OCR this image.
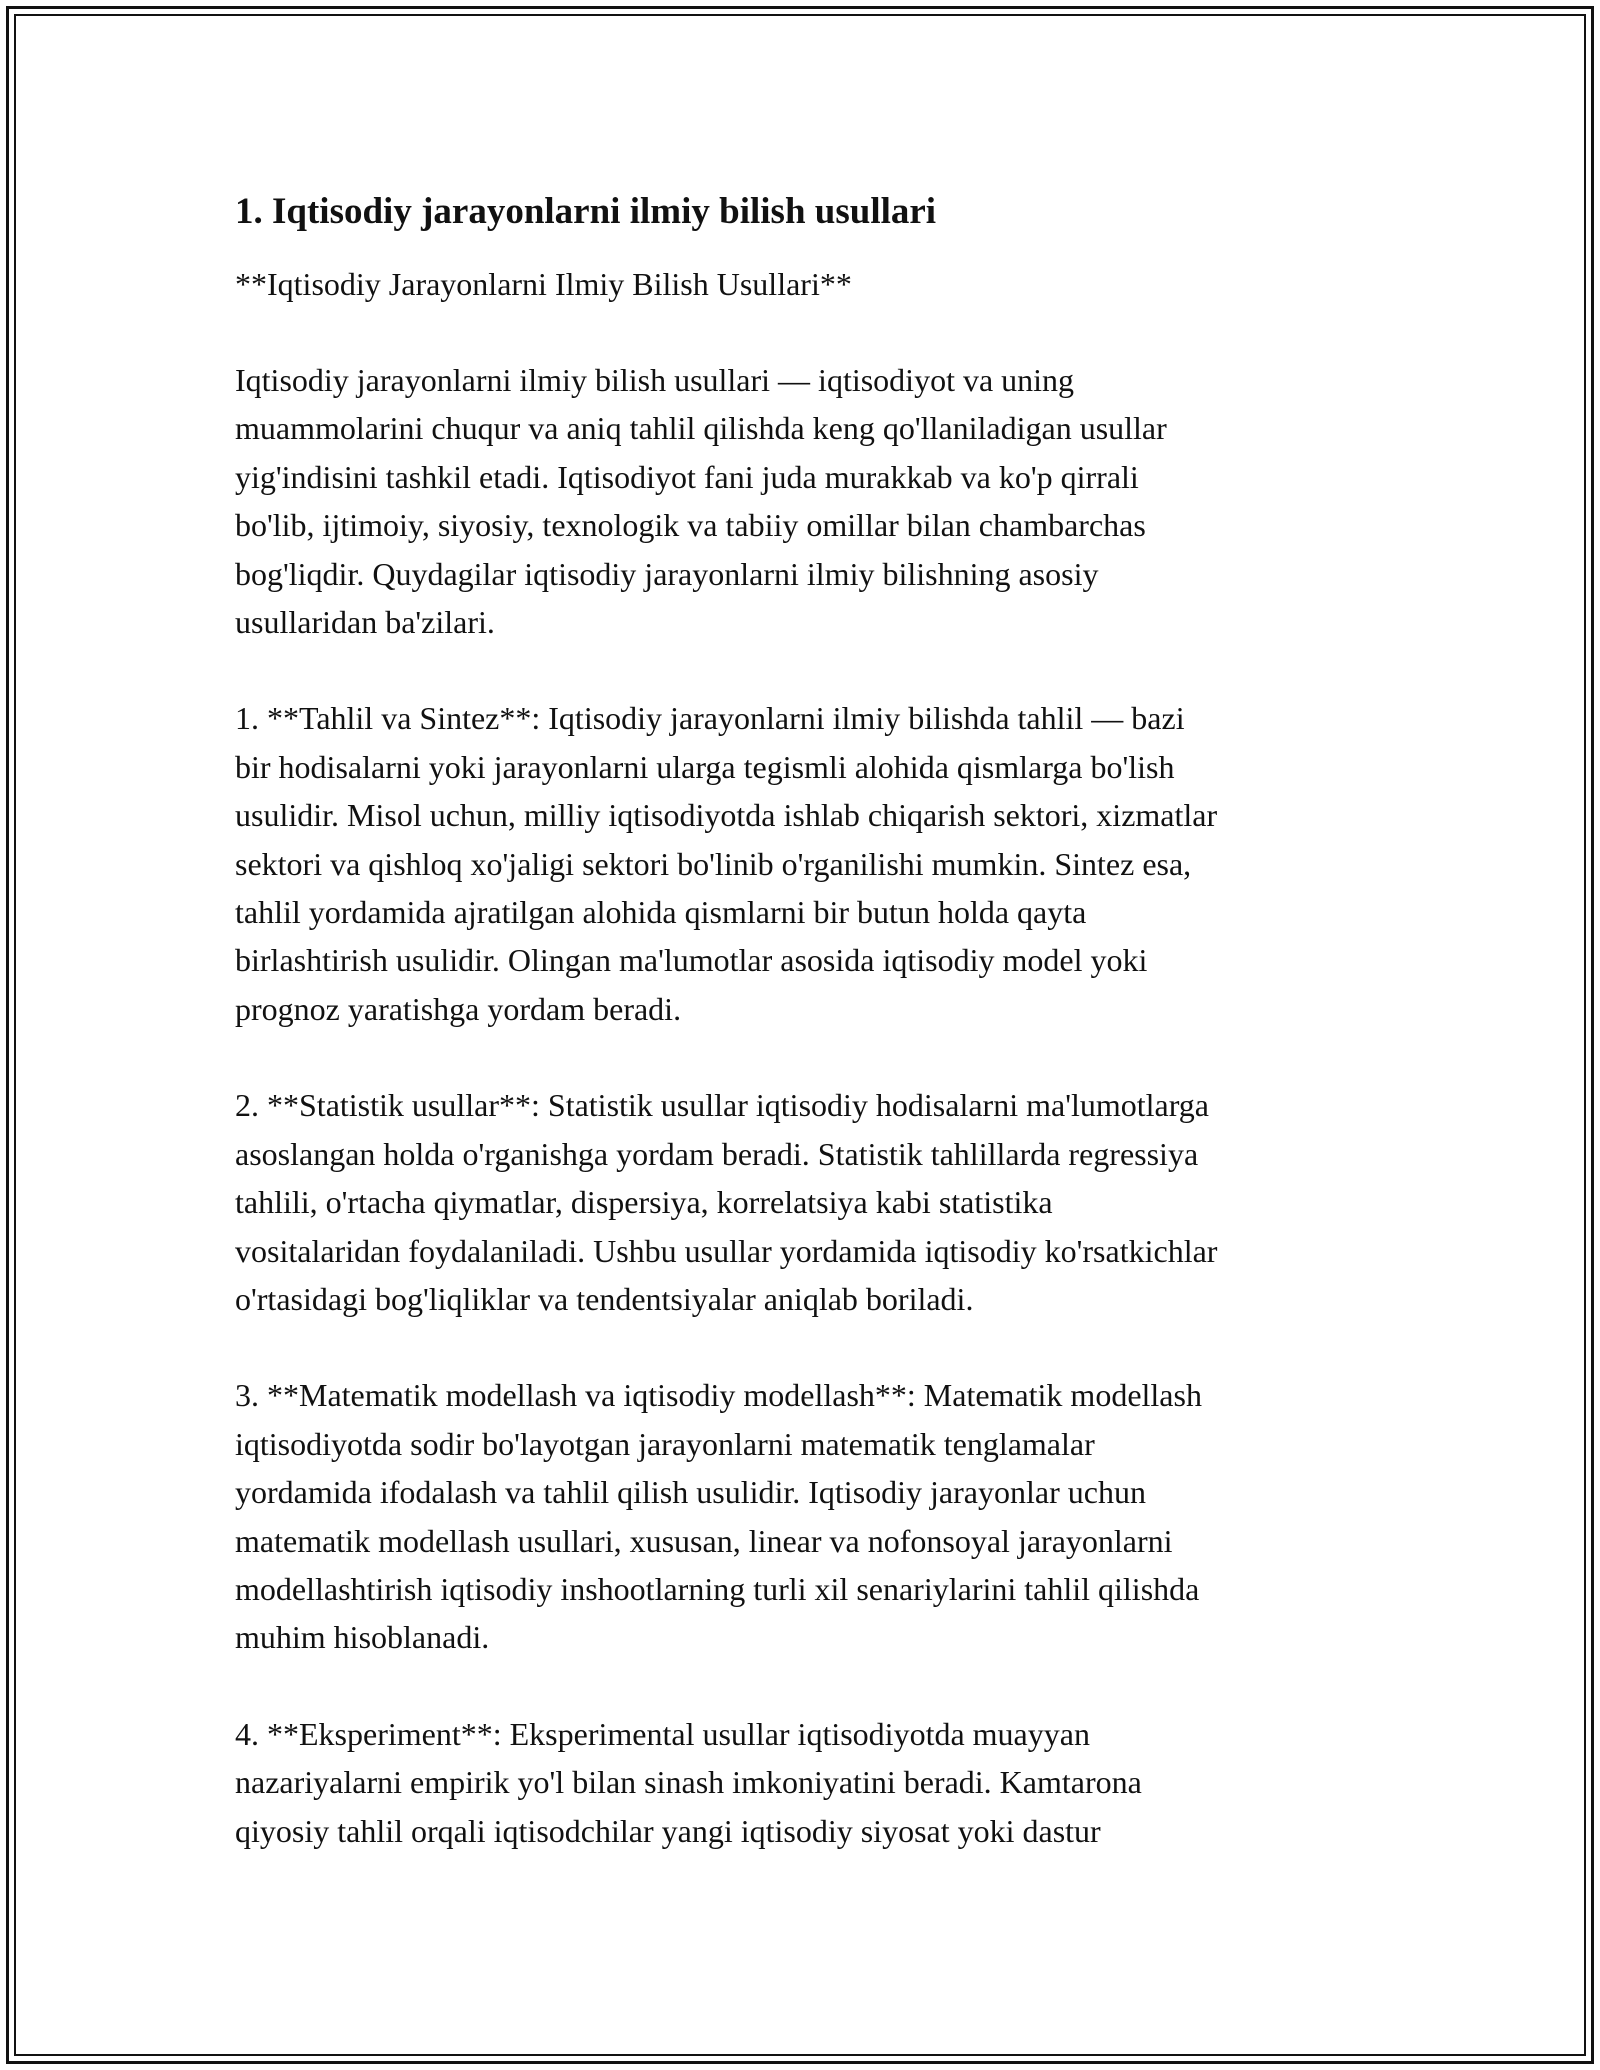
1. Iqtisodiy jarayonlarni ilmiy bilish usullari

**Iqtisodiy Jarayonlarni Ilmiy Bilish Usullari**

Iqtisodiy jarayonlarni ilmiy bilish usullari — iqtisodiyot va uning
muammolarini chuqur va aniq tahlil qilishda keng qo'llaniladigan usullar
yig'indisini tashkil etadi. Iqtisodiyot fani juda murakkab va ko'p qirrali
bo'lib, ijtimoiy, siyosiy, texnologik va tabiiy omillar bilan chambarchas
bog'liqdir. Quydagilar iqtisodiy jarayonlarni ilmiy bilishning asosiy
usullaridan ba'zilari.

1. **Tahlil va Sintez**: Iqtisodiy jarayonlarni ilmiy bilishda tahlil — bazi
bir hodisalarni yoki jarayonlarni ularga tegismli alohida qismlarga bo'lish
usulidir. Misol uchun, milliy iqtisodiyotda ishlab chiqarish sektori, xizmatlar
sektori va qishloq xo'jaligi sektori bo'linib o'rganilishi mumkin. Sintez esa,
tahlil yordamida ajratilgan alohida qismlarni bir butun holda qayta
birlashtirish usulidir. Olingan ma'lumotlar asosida iqtisodiy model yoki
prognoz yaratishga yordam beradi.

2. **Statistik usullar**: Statistik usullar iqtisodiy hodisalarni ma'lumotlarga
asoslangan holda o'rganishga yordam beradi. Statistik tahlillarda regressiya
tahlili, o'rtacha qiymatlar, dispersiya, korrelatsiya kabi statistika
vositalaridan foydalaniladi. Ushbu usullar yordamida iqtisodiy ko'rsatkichlar
o'rtasidagi bog'liqliklar va tendentsiyalar aniqlab boriladi.

3. **Matematik modellash va iqtisodiy modellash**: Matematik modellash
iqtisodiyotda sodir bo'layotgan jarayonlarni matematik tenglamalar
yordamida ifodalash va tahlil qilish usulidir. Iqtisodiy jarayonlar uchun
matematik modellash usullari, xususan, linear va nofonsoyal jarayonlarni
modellashtirish iqtisodiy inshootlarning turli xil senariylarini tahlil qilishda
muhim hisoblanadi.

4. **Eksperiment**: Eksperimental usullar iqtisodiyotda muayyan
nazariyalarni empirik yo'l bilan sinash imkoniyatini beradi. Kamtarona
qiyosiy tahlil orqali iqtisodchilar yangi iqtisodiy siyosat yoki dastur
